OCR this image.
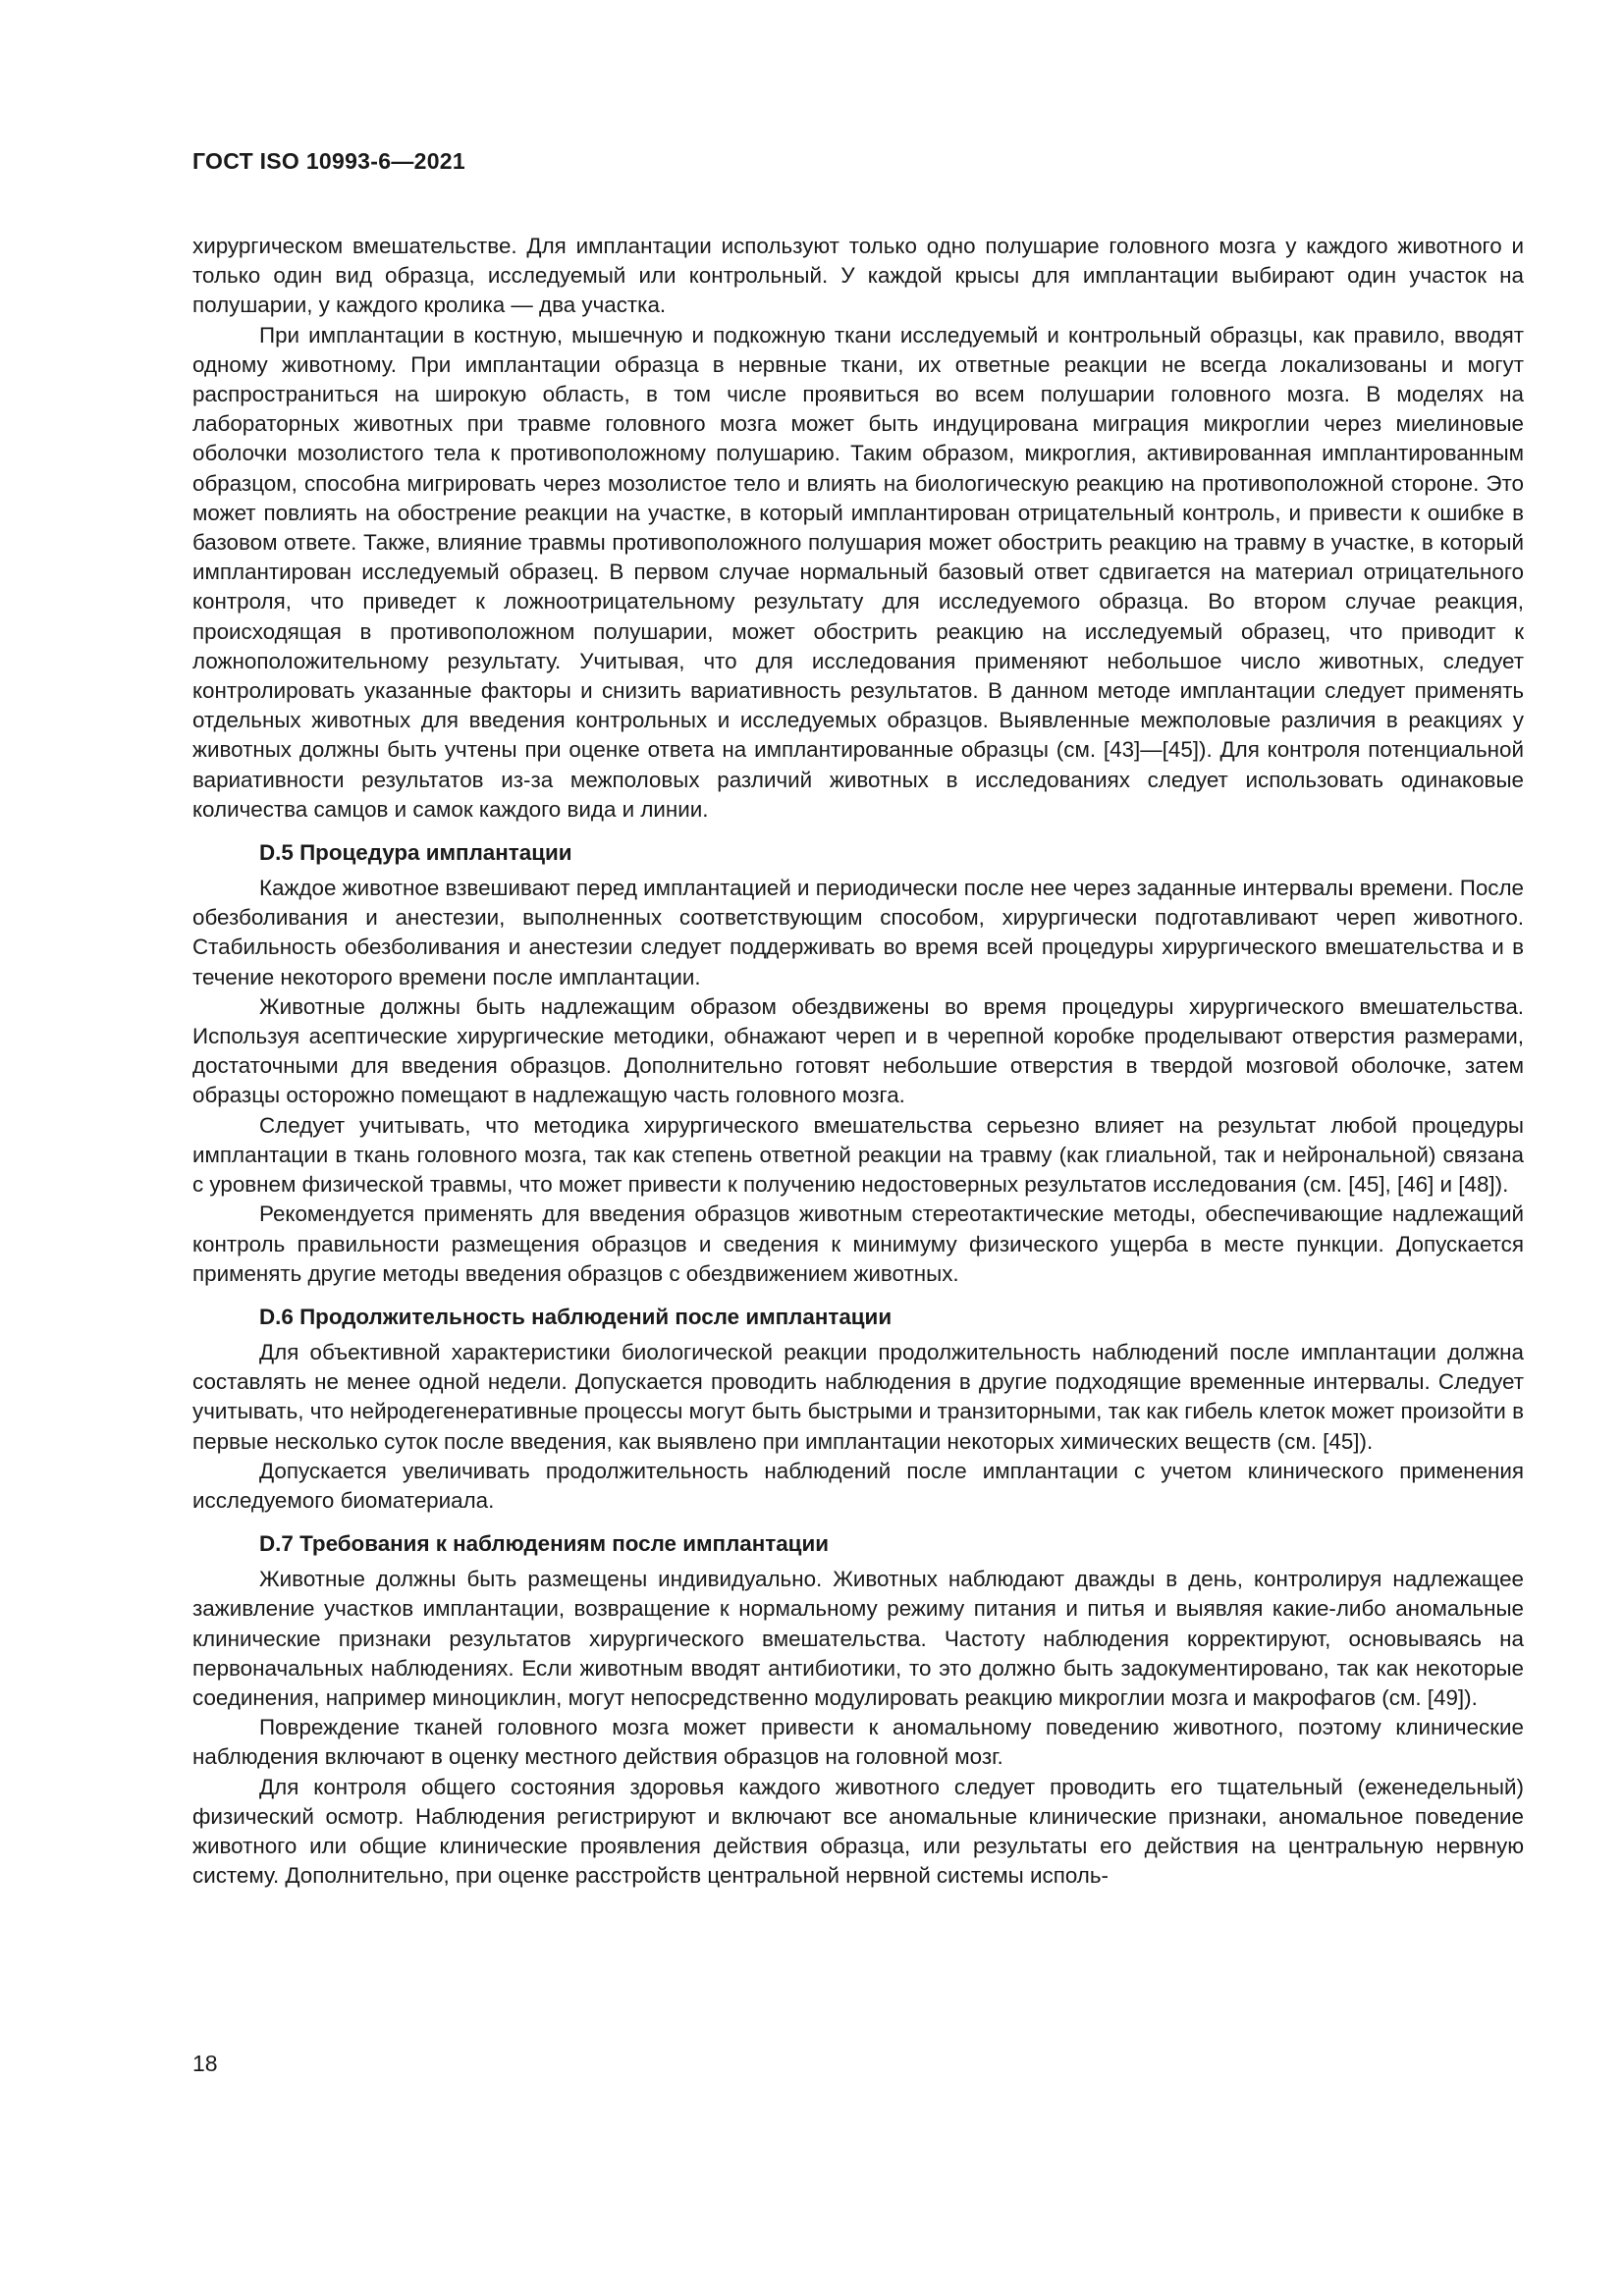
ГОСТ ISO 10993-6—2021

хирургическом вмешательстве. Для имплантации используют только одно полушарие головного мозга у каждого животного и только один вид образца, исследуемый или контрольный. У каждой крысы для имплантации выбирают один участок на полушарии, у каждого кролика — два участка.

При имплантации в костную, мышечную и подкожную ткани исследуемый и контрольный образцы, как правило, вводят одному животному. При имплантации образца в нервные ткани, их ответные реакции не всегда локализованы и могут распространиться на широкую область, в том числе проявиться во всем полушарии головного мозга. В моделях на лабораторных животных при травме головного мозга может быть индуцирована миграция микроглии через миелиновые оболочки мозолистого тела к противоположному полушарию. Таким образом, микроглия, активированная имплантированным образцом, способна мигрировать через мозолистое тело и влиять на биологическую реакцию на противоположной стороне. Это может повлиять на обострение реакции на участке, в который имплантирован отрицательный контроль, и привести к ошибке в базовом ответе. Также, влияние травмы противоположного полушария может обострить реакцию на травму в участке, в который имплантирован исследуемый образец. В первом случае нормальный базовый ответ сдвигается на материал отрицательного контроля, что приведет к ложноотрицательному результату для исследуемого образца. Во втором случае реакция, происходящая в противоположном полушарии, может обострить реакцию на исследуемый образец, что приводит к ложноположительному результату. Учитывая, что для исследования применяют небольшое число животных, следует контролировать указанные факторы и снизить вариативность результатов. В данном методе имплантации следует применять отдельных животных для введения контрольных и исследуемых образцов. Выявленные межполовые различия в реакциях у животных должны быть учтены при оценке ответа на имплантированные образцы (см. [43]—[45]). Для контроля потенциальной вариативности результатов из-за межполовых различий животных в исследованиях следует использовать одинаковые количества самцов и самок каждого вида и линии.

D.5 Процедура имплантации

Каждое животное взвешивают перед имплантацией и периодически после нее через заданные интервалы времени. После обезболивания и анестезии, выполненных соответствующим способом, хирургически подготавливают череп животного. Стабильность обезболивания и анестезии следует поддерживать во время всей процедуры хирургического вмешательства и в течение некоторого времени после имплантации.

Животные должны быть надлежащим образом обездвижены во время процедуры хирургического вмешательства. Используя асептические хирургические методики, обнажают череп и в черепной коробке проделывают отверстия размерами, достаточными для введения образцов. Дополнительно готовят небольшие отверстия в твердой мозговой оболочке, затем образцы осторожно помещают в надлежащую часть головного мозга.

Следует учитывать, что методика хирургического вмешательства серьезно влияет на результат любой процедуры имплантации в ткань головного мозга, так как степень ответной реакции на травму (как глиальной, так и нейрональной) связана с уровнем физической травмы, что может привести к получению недостоверных результатов исследования (см. [45], [46] и [48]).

Рекомендуется применять для введения образцов животным стереотактические методы, обеспечивающие надлежащий контроль правильности размещения образцов и сведения к минимуму физического ущерба в месте пункции. Допускается применять другие методы введения образцов с обездвижением животных.

D.6 Продолжительность наблюдений после имплантации

Для объективной характеристики биологической реакции продолжительность наблюдений после имплантации должна составлять не менее одной недели. Допускается проводить наблюдения в другие подходящие временные интервалы. Следует учитывать, что нейродегенеративные процессы могут быть быстрыми и транзиторными, так как гибель клеток может произойти в первые несколько суток после введения, как выявлено при имплантации некоторых химических веществ (см. [45]).

Допускается увеличивать продолжительность наблюдений после имплантации с учетом клинического применения исследуемого биоматериала.

D.7 Требования к наблюдениям после имплантации

Животные должны быть размещены индивидуально. Животных наблюдают дважды в день, контролируя надлежащее заживление участков имплантации, возвращение к нормальному режиму питания и питья и выявляя какие-либо аномальные клинические признаки результатов хирургического вмешательства. Частоту наблюдения корректируют, основываясь на первоначальных наблюдениях. Если животным вводят антибиотики, то это должно быть задокументировано, так как некоторые соединения, например миноциклин, могут непосредственно модулировать реакцию микроглии мозга и макрофагов (см. [49]).

Повреждение тканей головного мозга может привести к аномальному поведению животного, поэтому клинические наблюдения включают в оценку местного действия образцов на головной мозг.

Для контроля общего состояния здоровья каждого животного следует проводить его тщательный (еженедельный) физический осмотр. Наблюдения регистрируют и включают все аномальные клинические признаки, аномальное поведение животного или общие клинические проявления действия образца, или результаты его действия на центральную нервную систему. Дополнительно, при оценке расстройств центральной нервной системы исполь-

18
